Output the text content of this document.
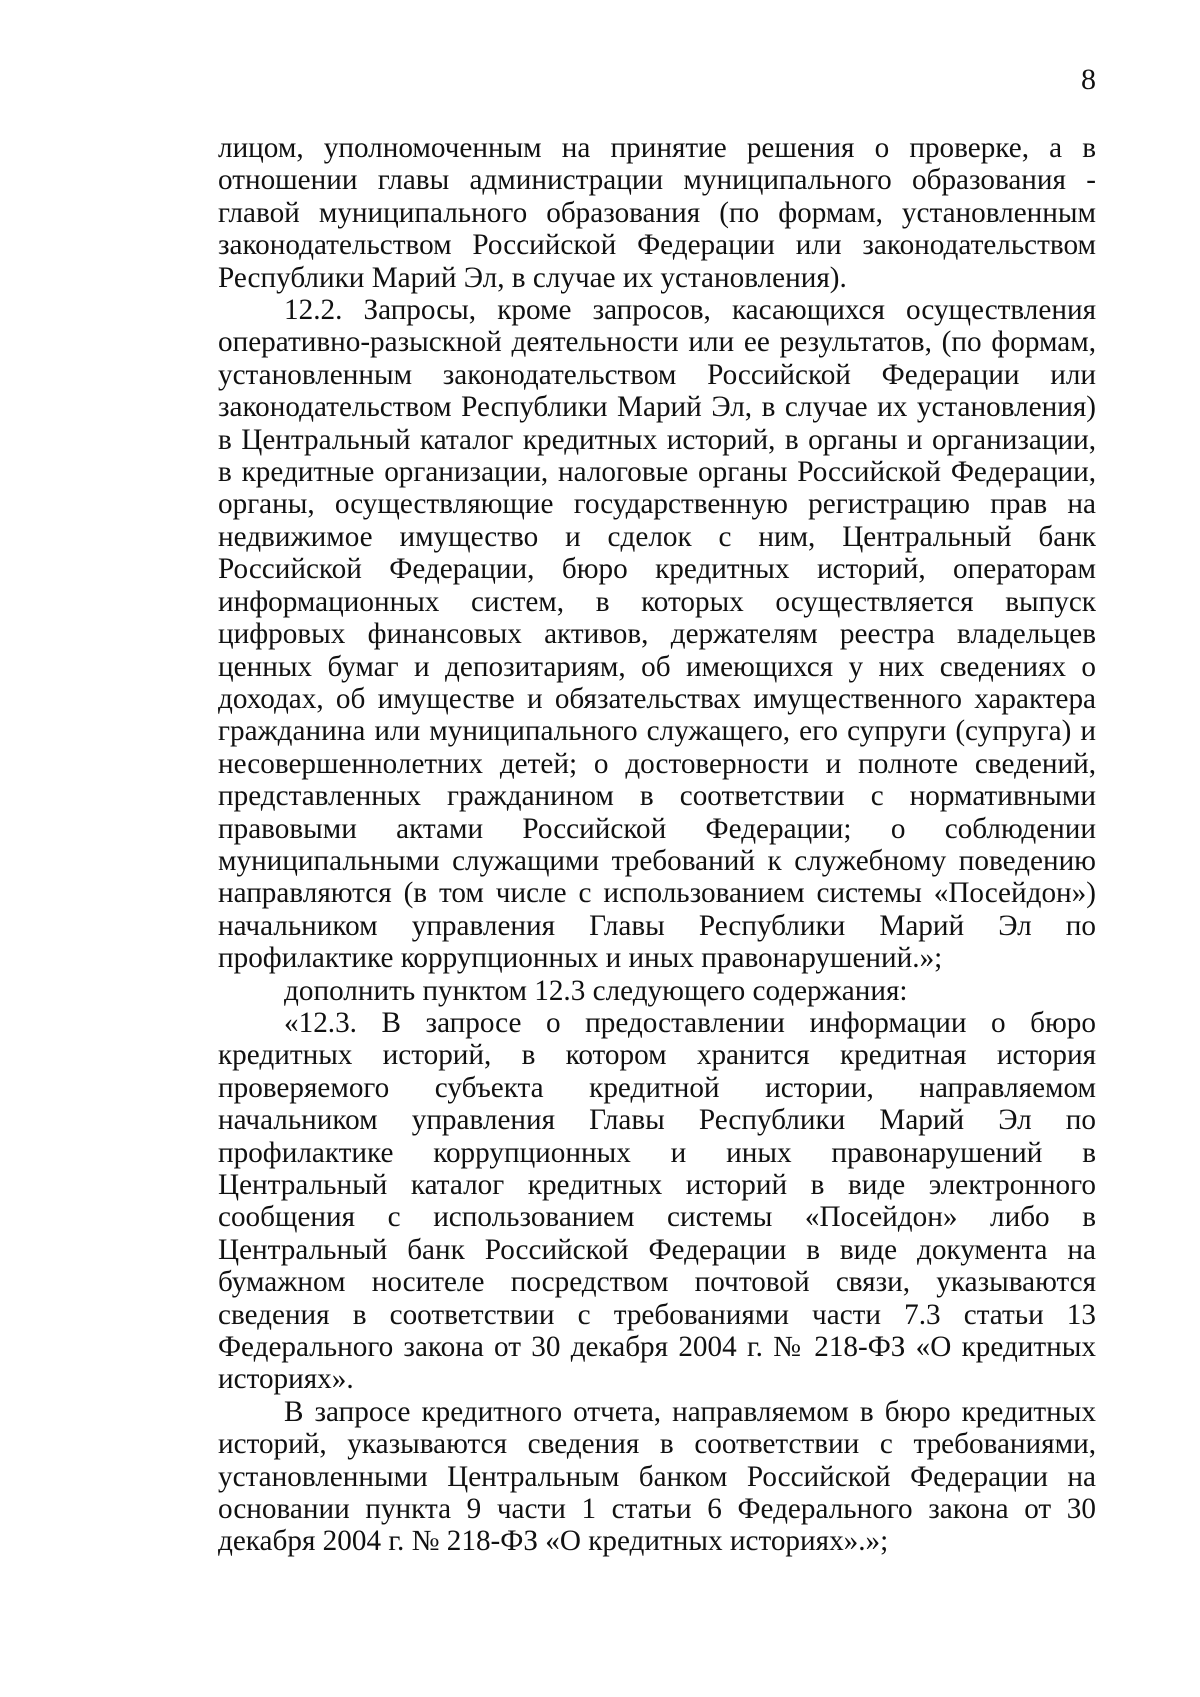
8

лицом, уполномоченным на принятие решения о проверке, а в отношении главы администрации муниципального образования - главой муниципального образования (по формам, установленным законодательством Российской Федерации или законодательством Республики Марий Эл, в случае их установления).

12.2. Запросы, кроме запросов, касающихся осуществления оперативно-разыскной деятельности или ее результатов, (по формам, установленным законодательством Российской Федерации или законодательством Республики Марий Эл, в случае их установления) в Центральный каталог кредитных историй, в органы и организации, в кредитные организации, налоговые органы Российской Федерации, органы, осуществляющие государственную регистрацию прав на недвижимое имущество и сделок с ним, Центральный банк Российской Федерации, бюро кредитных историй, операторам информационных систем, в которых осуществляется выпуск цифровых финансовых активов, держателям реестра владельцев ценных бумаг и депозитариям, об имеющихся у них сведениях о доходах, об имуществе и обязательствах имущественного характера гражданина или муниципального служащего, его супруги (супруга) и несовершеннолетних детей; о достоверности и полноте сведений, представленных гражданином в соответствии с нормативными правовыми актами Российской Федерации; о соблюдении муниципальными служащими требований к служебному поведению направляются (в том числе с использованием системы «Посейдон») начальником управления Главы Республики Марий Эл по профилактике коррупционных и иных правонарушений.»;

дополнить пунктом 12.3 следующего содержания:

«12.3. В запросе о предоставлении информации о бюро кредитных историй, в котором хранится кредитная история проверяемого субъекта кредитной истории, направляемом начальником управления Главы Республики Марий Эл по профилактике коррупционных и иных правонарушений в Центральный каталог кредитных историй в виде электронного сообщения с использованием системы «Посейдон» либо в Центральный банк Российской Федерации в виде документа на бумажном носителе посредством почтовой связи, указываются сведения в соответствии с требованиями части 7.3 статьи 13 Федерального закона от 30 декабря 2004 г. № 218-ФЗ «О кредитных историях».

В запросе кредитного отчета, направляемом в бюро кредитных историй, указываются сведения в соответствии с требованиями, установленными Центральным банком Российской Федерации на основании пункта 9 части 1 статьи 6 Федерального закона от 30 декабря 2004 г. № 218-ФЗ «О кредитных историях».»;
